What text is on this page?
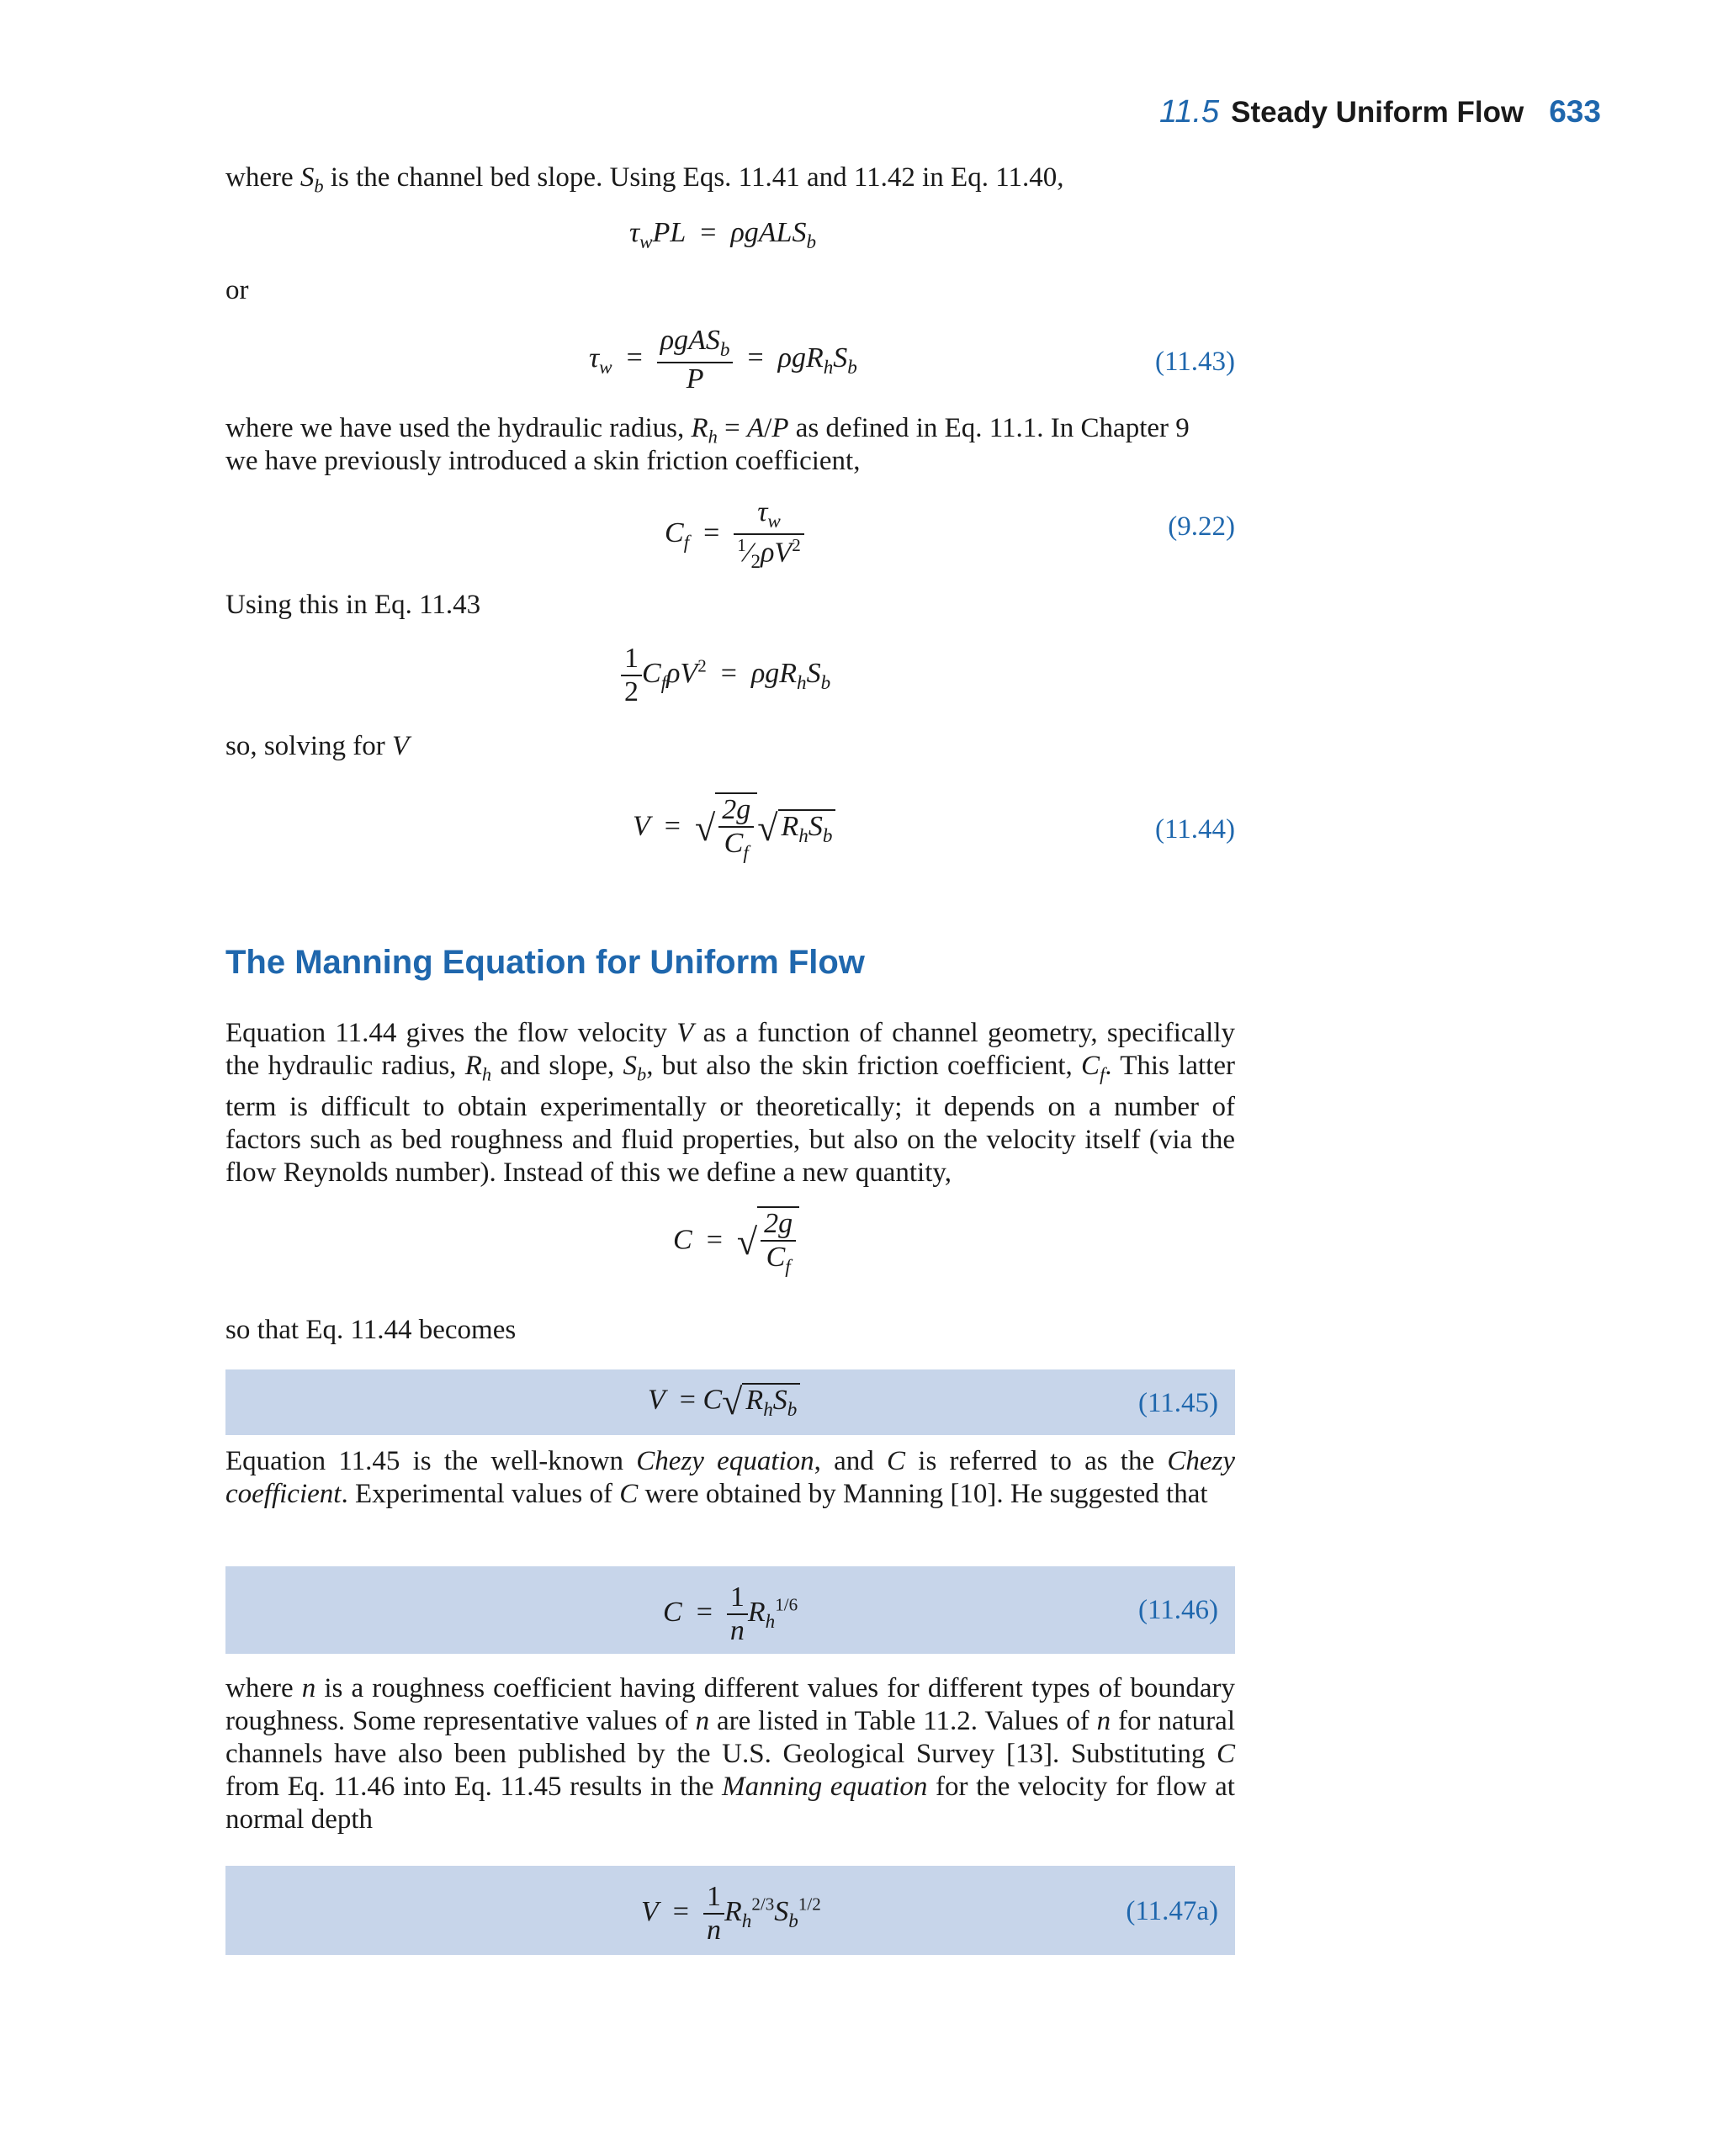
11.5 Steady Uniform Flow 633
where $S_b$ is the channel bed slope. Using Eqs. 11.41 and 11.42 in Eq. 11.40,
$\tau_wPL$  =  ρgALS$_b$
or
$\tau_w = \frac{\rho gAS_b}{P} = \rho gR_hS_b$	(11.43)
where we have used the hydraulic radius, $R_h = A/P$ as defined in Eq. 11.1. In Chapter 9
we have previously introduced a skin friction coefficient,
$C_f = \frac{\tau_w}{^1⁄_2\rho V^2}$	(9.22)
Using this in Eq. 11.43
$\frac{1}{2} C_f\rho V^2 = \rho gR_hS_b$
so, solving for V
V  =  √ $\frac{2g}{C_f}$ √ $R_hS_b$	(11.44)
The Manning Equation for Uniform Flow
Equation 11.44 gives the flow velocity V as a function of channel geometry, specifically the hydraulic radius, $R_h$ and slope, $S_b$, but also the skin friction coefficient, $C_f$. This latter term is difficult to obtain experimentally or theoretically; it depends on a number of factors such as bed roughness and fluid properties, but also on the velocity itself (via the flow Reynolds number). Instead of this we define a new quantity,
C  =  √ $\frac{2g}{C_f}$
so that Eq. 11.44 becomes
V  = C√ $R_hS_b$	(11.45)
Equation 11.45 is the well-known Chezy equation, and C is referred to as the Chezy coefficient. Experimental values of C were obtained by Manning [10]. He suggested that
$C = \frac{1}{n} R_h^{1/6}$	(11.46)
where n is a roughness coefficient having different values for different types of boundary roughness. Some representative values of n are listed in Table 11.2. Values of n for natural channels have also been published by the U.S. Geological Survey [13]. Substituting C from Eq. 11.46 into Eq. 11.45 results in the Manning equation for the velocity for flow at normal depth
$V = \frac{1}{n} R_h^{2/3}S_b^{1/2}$	(11.47a)
